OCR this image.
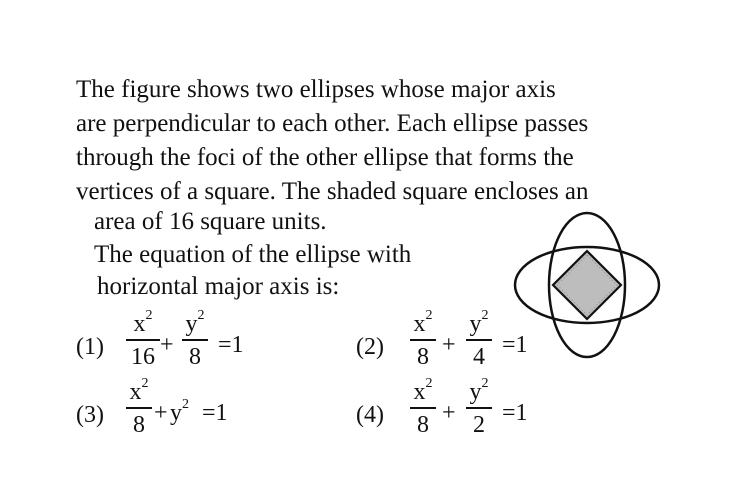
The figure shows two ellipses whose major axis
are perpendicular to each other. Each ellipse passes
through the foci of the other ellipse that forms the
vertices of a square. The shaded square encloses an
area of 16 square units.
The equation of the ellipse with
horizontal major axis is:
(1)
$x^2$
16 +
$y^2$
8 =1	(2)
$x^2$
8 +
$y^2$
4 =1
(3)
$x^2$
$8 + y^2 =1$	(4)
$x^2$
8 +
$y^2$
2 =1
